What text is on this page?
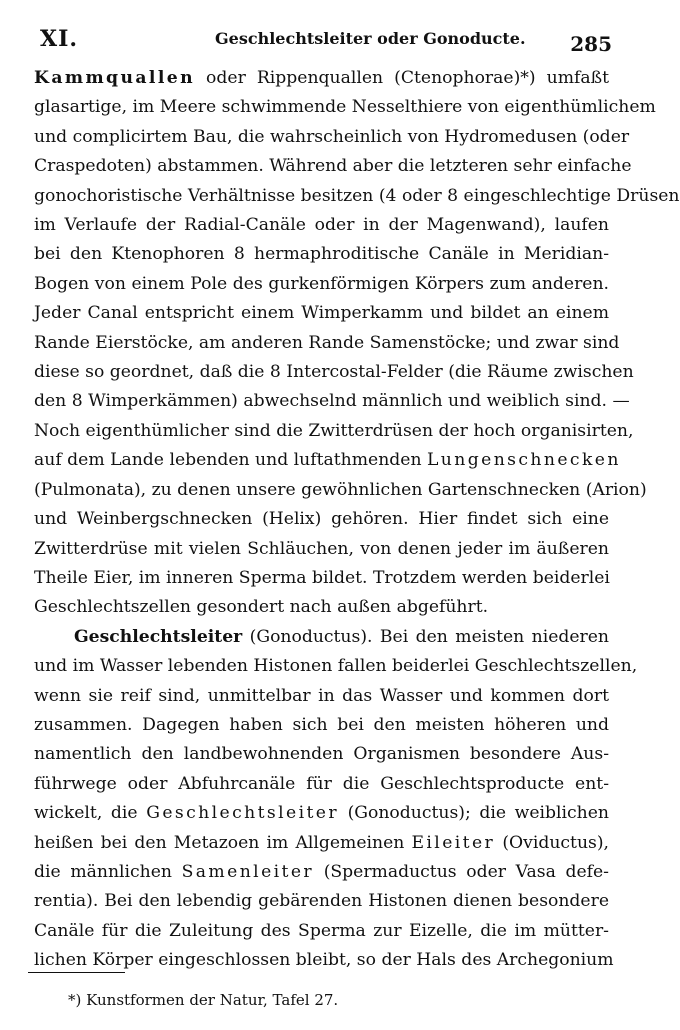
XI.	Geschlechtsleiter oder Gonoducte. 285
Kammquallen oder Rippenquallen (Ctenophorae)*) umfaßt
glasartige, im Meere schwimmende Nesselthiere von eigenthümlichem
und complicirtem Bau, die wahrscheinlich von Hydromedusen (oder
Craspedoten) abstammen. Während aber die letzteren sehr einfache
gonochoristische Verhältnisse besitzen (4 oder 8 eingeschlechtige Drüsen
im Verlaufe der Radial-Canäle oder in der Magenwand), laufen
bei den Ktenophoren 8 hermaphroditische Canäle in Meridian-
Bogen von einem Pole des gurkenförmigen Körpers zum anderen.
Jeder Canal entspricht einem Wimperkamm und bildet an einem
Rande Eierstöcke, am anderen Rande Samenstöcke; und zwar sind
diese so geordnet, daß die 8 Intercostal-Felder (die Räume zwischen
den 8 Wimperkämmen) abwechselnd männlich und weiblich sind. —
Noch eigenthümlicher sind die Zwitterdrüsen der hoch organisirten,
auf dem Lande lebenden und luftathmenden Lungenschnecken
(Pulmonata), zu denen unsere gewöhnlichen Gartenschnecken (Arion)
und Weinbergschnecken (Helix) gehören. Hier findet sich eine
Zwitterdrüse mit vielen Schläuchen, von denen jeder im äußeren
Theile Eier, im inneren Sperma bildet. Trotzdem werden beiderlei
Geschlechtszellen gesondert nach außen abgeführt.
Geschlechtsleiter (Gonoductus). Bei den meisten niederen
und im Wasser lebenden Histonen fallen beiderlei Geschlechtszellen,
wenn sie reif sind, unmittelbar in das Wasser und kommen dort
zusammen. Dagegen haben sich bei den meisten höheren und
namentlich den landbewohnenden Organismen besondere Aus-
führwege oder Abfuhrcanäle für die Geschlechtsproducte ent-
wickelt, die Geschlechtsleiter (Gonoductus); die weiblichen
heißen bei den Metazoen im Allgemeinen Eileiter (Oviductus),
die männlichen Samenleiter (Spermaductus oder Vasa defe-
rentia). Bei den lebendig gebärenden Histonen dienen besondere
Canäle für die Zuleitung des Sperma zur Eizelle, die im mütter-
lichen Körper eingeschlossen bleibt, so der Hals des Archegonium
*) Kunstformen der Natur, Tafel 27.
